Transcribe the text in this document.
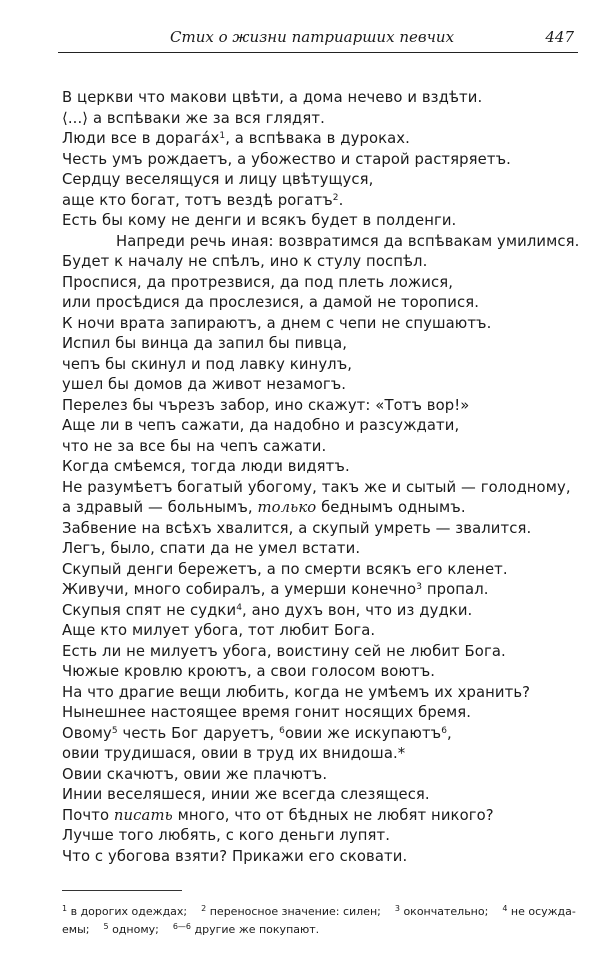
Стих о жизни патриарших певчих	447
В церкви что макови цвѣти, а дома нечево и вздѣти.
⟨...⟩ а вспѣваки же за вся глядят.
Люди все в $дорага́х^1$, а вспѣвака в дуроках.
Честь умъ рождаетъ, а убожество и старой растяряетъ.
Сердцу веселящуся и лицу цвѣтущуся,
аще кто богат, тотъ вездѣ рогатъ$^2$.
Есть бы кому не денги и всякъ будет в полденги.
Напреди речь иная: возвратимся да вспѣвакам умилимся.
Будет к началу не спѣлъ, ино к стулу поспѣл.
Проспися, да протрезвися, да под плеть ложися,
или просѣдися да прослезися, а дамой не торопися.
К ночи врата запираютъ, а днем с чепи не спушаютъ.
Испил бы винца да запил бы пивца,
чепъ бы скинул и под лавку кинулъ,
ушел бы домов да живот незамогъ.
Перелез бы чърезъ забор, ино скажут: «Тотъ вор!»
Аще ли в чепъ сажати, да надобно и разсуждати,
что не за все бы на чепъ сажати.
Когда смѣемся, тогда люди видятъ.
Не разумѣетъ богатый убогому, такъ же и сытый — голодному,
а здравый — больнымъ, только беднымъ однымъ.
Забвение на всѣхъ хвалится, а скупый умреть — звалится.
Легъ, было, спати да не умел встати.
Скупый денги бережетъ, а по смерти всякъ его кленет.
Живучи, много собиралъ, а умерши конечно$^3$ пропал.
Скупыя спят не судки$^4$, ано духъ вон, что из дудки.
Аще кто милует убога, тот любит Бога.
Есть ли не милуетъ убога, воистину сей не любит Бога.
Чюжые кровлю кроютъ, а свои голосом воютъ.
На что драгие вещи любить, когда не умѣемъ их хранить?
Нынешнее настоящее время гонит носящих бремя.
Овому$^5$ честь Бог даруетъ, $^6$овии же искупаютъ$^6$,
овии трудишася, овии в труд их внидоша.*
Овии скачютъ, овии же плачютъ.
Инии веселяшеся, инии же всегда слезящеся.
Почто писать много, что от бѣдных не любят никого?
Лучше того любять, с кого деньги лупят.
Что с убогова взяти? Прикажи его сковати.
$^1$ в дорогих одеждах; $^2$ переносное значение: силен; $^3$ окончательно; $^4$ не осужда-
емы; $^5$ одному; $^{6—6}$ другие же покупают.
